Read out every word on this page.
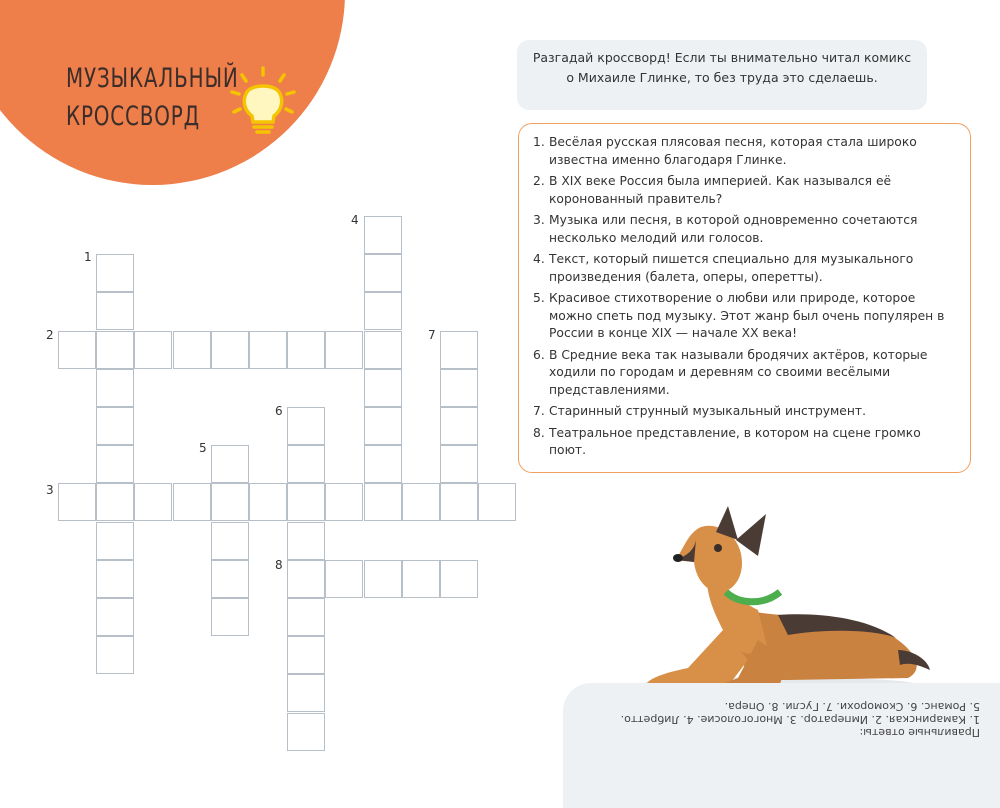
МУЗЫКАЛЬНЫЙ
КРОССВОРД
Разгадай кроссворд! Если ты внимательно читал комикс о Михаиле Глинке, то без труда это сделаешь.
1. Весёлая русская плясовая песня, которая стала широко известна именно благодаря Глинке.
2. В XIX веке Россия была империей. Как назывался её коронованный правитель?
3. Музыка или песня, в которой одновременно сочетаются несколько мелодий или голосов.
4. Текст, который пишется специально для музыкального произведения (балета, оперы, оперетты).
5. Красивое стихотворение о любви или природе, которое можно спеть под музыку. Этот жанр был очень популярен в России в конце XIX — начале XX века!
6. В Средние века так называли бродячих актёров, которые ходили по городам и деревням со своими весёлыми представлениями.
7. Старинный струнный музыкальный инструмент.
8. Театральное представление, в котором на сцене громко поют.
1
2
3
4
5
6
7
8
Правильные ответы:
1. Камаринская. 2. Император. 3. Многоголосие. 4. Либретто.
5. Романс. 6. Скоморохи. 7. Гусли. 8. Опера.
